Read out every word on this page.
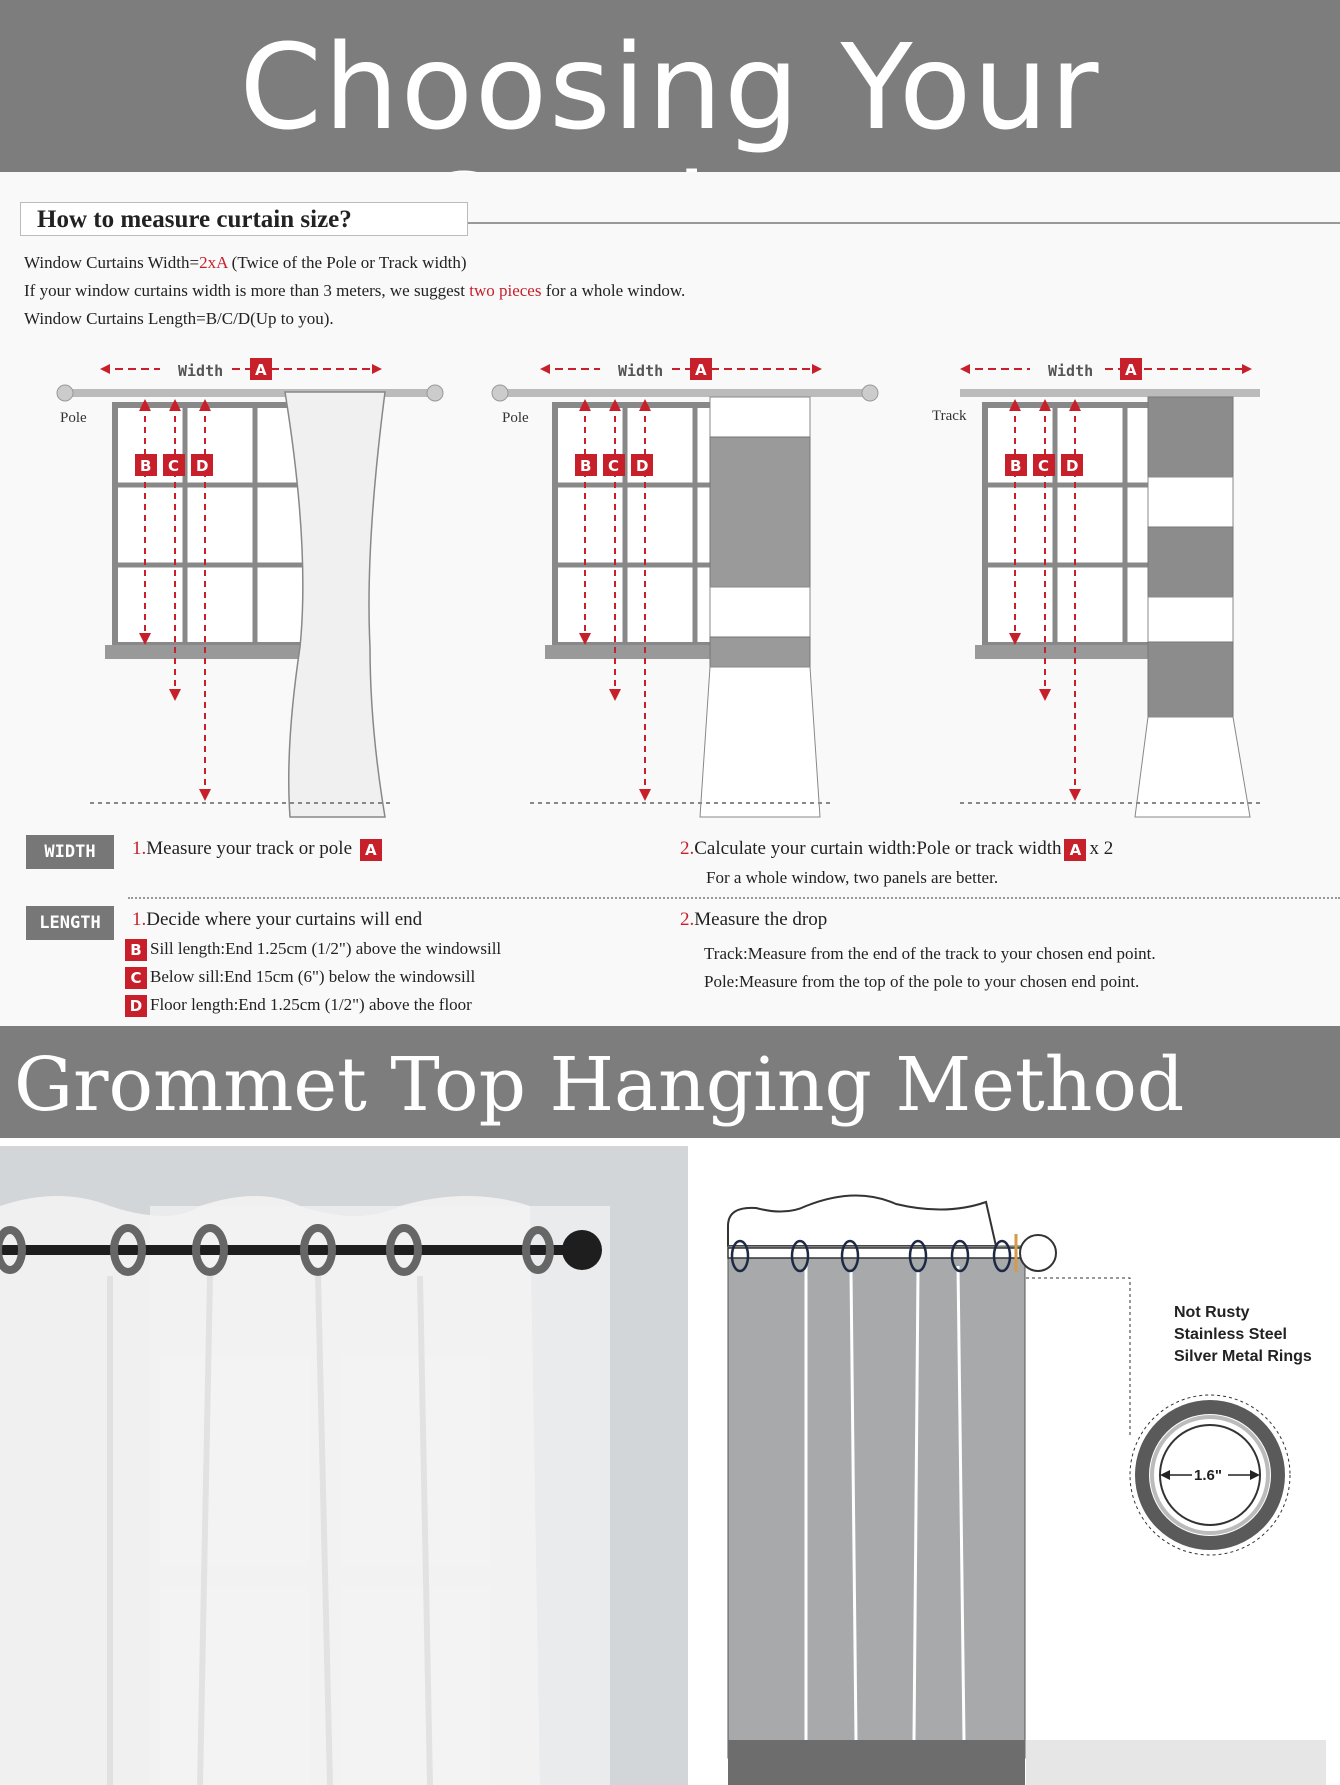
Choosing Your
How to measure curtain size?
Window Curtains Width=2xA (Twice of the Pole or Track width)
If your window curtains width is more than 3 meters, we suggest two pieces for a whole window.
Window Curtains Length=B/C/D(Up to you).
Width A
Pole
B C D
Width A
Pole
B C D
Width A
Track
B C D
WIDTH	1.Measure your track or pole A	2.Calculate your curtain width:Pole or track width A x 2
For a whole window, two panels are better.
LENGTH	1.Decide where your curtains will end
B Sill length:End 1.25cm (1/2") above the windowsill
C Below sill:End 15cm (6") below the windowsill
D Floor length:End 1.25cm (1/2") above the floor
2.Measure the drop
Track:Measure from the end of the track to your chosen end point.
Pole:Measure from the top of the pole to your chosen end point.
Grommet Top Hanging Method
1.6"
Not Rusty
Stainless Steel
Silver Metal Rings
